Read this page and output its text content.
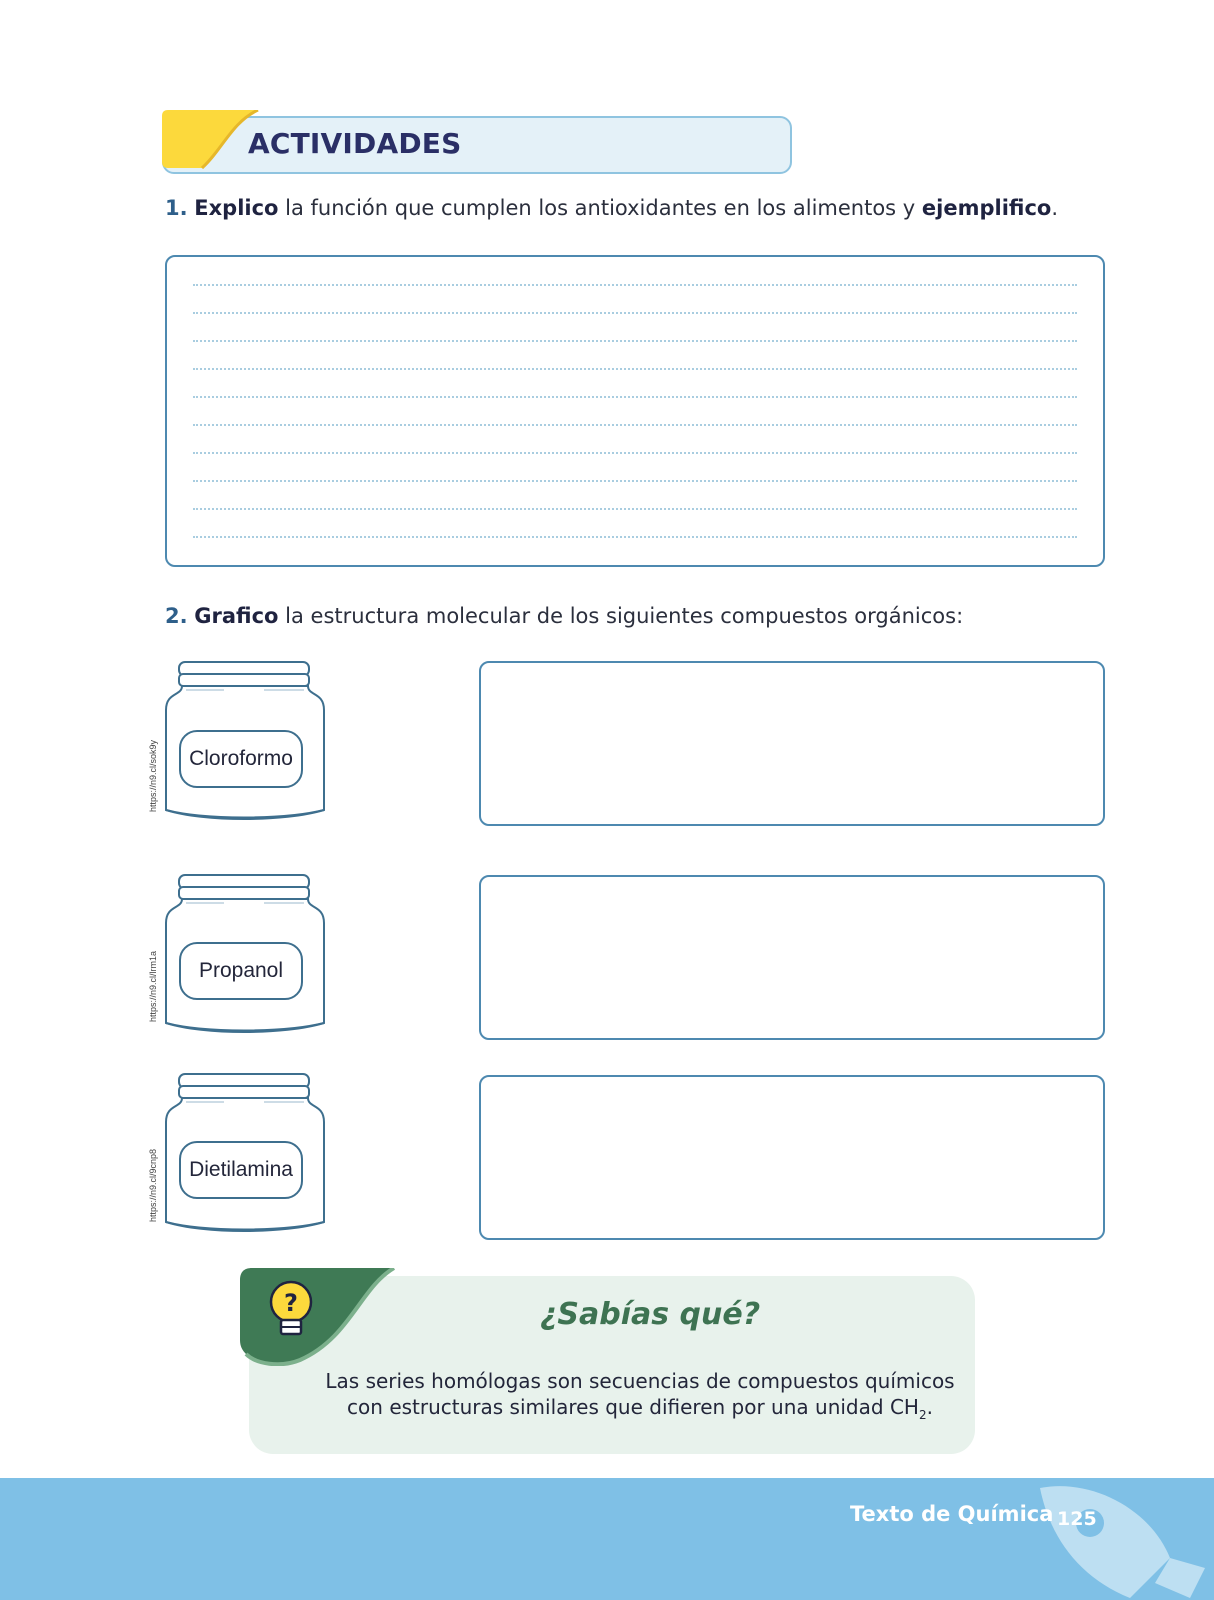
ACTIVIDADES
1. Explico la función que cumplen los antioxidantes en los alimentos y ejemplifico.
2. Grafico la estructura molecular de los siguientes compuestos orgánicos:
Cloroformo
https://n9.cl/sok9y
Propanol
https://n9.cl/lrm1a
Dietilamina
https://n9.cl/9cnp8
?	¿Sabías qué?
Las series homólogas son secuencias de compuestos químicos
con estructuras similares que difieren por una unidad $CH_2$.
Texto de Química 125
